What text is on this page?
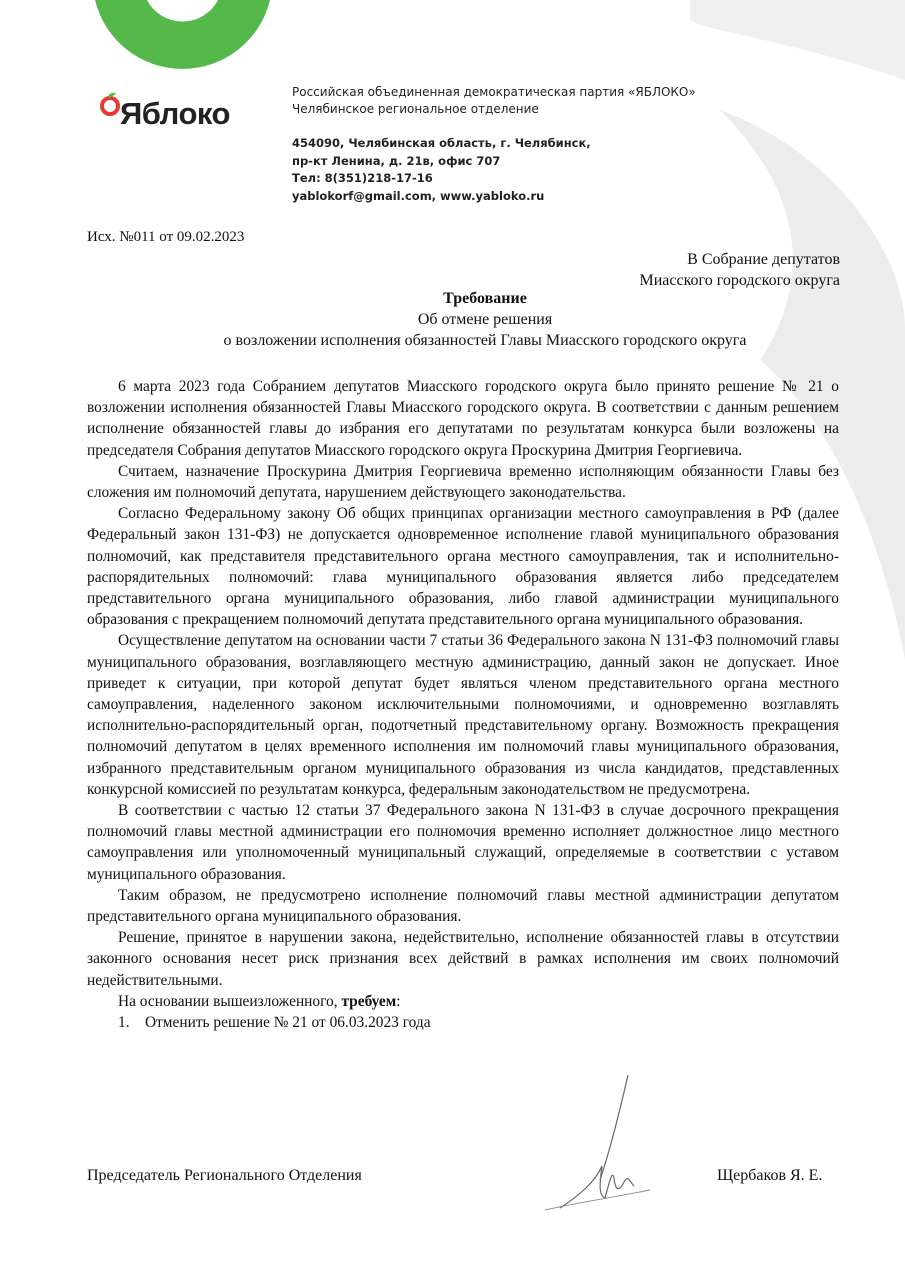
Яблоко
Российская объединенная демократическая партия «ЯБЛОКО»
Челябинское региональное отделение
454090, Челябинская область, г. Челябинск,
пр-кт Ленина, д. 21в, офис 707
Тел: 8(351)218-17-16
yablokorf@gmail.com, www.yabloko.ru
Исх. №011 от 09.02.2023
В Собрание депутатов
Миасского городского округа
Требование
Об отмене решения
о возложении исполнения обязанностей Главы Миасского городского округа

6 марта 2023 года Собранием депутатов Миасского городского округа было принято решение № 21 о возложении исполнения обязанностей Главы Миасского городского округа. В соответствии с данным решением исполнение обязанностей главы до избрания его депутатами по результатам конкурса были возложены на председателя Собрания депутатов Миасского городского округа Проскурина Дмитрия Георгиевича.

Считаем, назначение Проскурина Дмитрия Георгиевича временно исполняющим обязанности Главы без сложения им полномочий депутата, нарушением действующего законодательства.

Согласно Федеральному закону Об общих принципах организации местного самоуправления в РФ (далее Федеральный закон 131-ФЗ) не допускается одновременное исполнение главой муниципального образования полномочий, как представителя представительного органа местного самоуправления, так и исполнительно-распорядительных полномочий: глава муниципального образования является либо председателем представительного органа муниципального образования, либо главой администрации муниципального образования с прекращением полномочий депутата представительного органа муниципального образования.

Осуществление депутатом на основании части 7 статьи 36 Федерального закона N 131-ФЗ полномочий главы муниципального образования, возглавляющего местную администрацию, данный закон не допускает. Иное приведет к ситуации, при которой депутат будет являться членом представительного органа местного самоуправления, наделенного законом исключительными полномочиями, и одновременно возглавлять исполнительно-распорядительный орган, подотчетный представительному органу. Возможность прекращения полномочий депутатом в целях временного исполнения им полномочий главы муниципального образования, избранного представительным органом муниципального образования из числа кандидатов, представленных конкурсной комиссией по результатам конкурса, федеральным законодательством не предусмотрена.

В соответствии с частью 12 статьи 37 Федерального закона N 131-ФЗ в случае досрочного прекращения полномочий главы местной администрации его полномочия временно исполняет должностное лицо местного самоуправления или уполномоченный муниципальный служащий, определяемые в соответствии с уставом муниципального образования.

Таким образом, не предусмотрено исполнение полномочий главы местной администрации депутатом представительного органа муниципального образования.

Решение, принятое в нарушении закона, недействительно, исполнение обязанностей главы в отсутствии законного основания несет риск признания всех действий в рамках исполнения им своих полномочий недействительными.

На основании вышеизложенного, требуем:

1. Отменить решение № 21 от 06.03.2023 года
Председатель Регионального Отделения	Щербаков Я. Е.
